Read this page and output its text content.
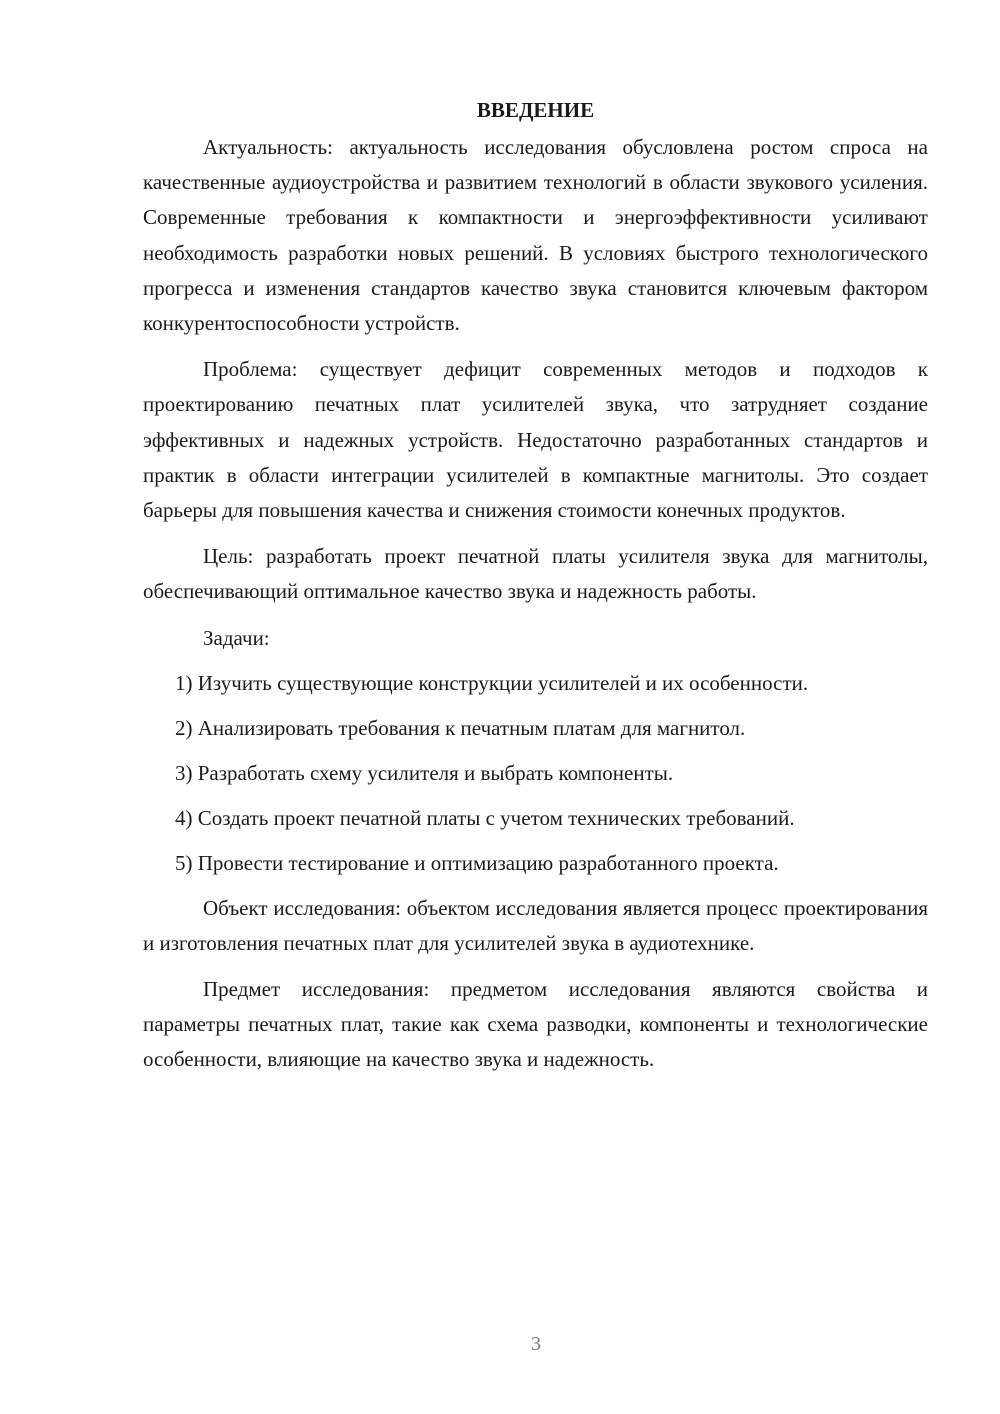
ВВЕДЕНИЕ

Актуальность: актуальность исследования обусловлена ростом спроса на качественные аудиоустройства и развитием технологий в области звукового усиления. Современные требования к компактности и энергоэффективности усиливают необходимость разработки новых решений. В условиях быстрого технологического прогресса и изменения стандартов качество звука становится ключевым фактором конкурентоспособности устройств.

Проблема: существует дефицит современных методов и подходов к проектированию печатных плат усилителей звука, что затрудняет создание эффективных и надежных устройств. Недостаточно разработанных стандартов и практик в области интеграции усилителей в компактные магнитолы. Это создает барьеры для повышения качества и снижения стоимости конечных продуктов.

Цель: разработать проект печатной платы усилителя звука для магнитолы, обеспечивающий оптимальное качество звука и надежность работы.

Задачи:
1) Изучить существующие конструкции усилителей и их особенности.
2) Анализировать требования к печатным платам для магнитол.
3) Разработать схему усилителя и выбрать компоненты.
4) Создать проект печатной платы с учетом технических требований.
5) Провести тестирование и оптимизацию разработанного проекта.

Объект исследования: объектом исследования является процесс проектирования и изготовления печатных плат для усилителей звука в аудиотехнике.

Предмет исследования: предметом исследования являются свойства и параметры печатных плат, такие как схема разводки, компоненты и технологические особенности, влияющие на качество звука и надежность.

3
